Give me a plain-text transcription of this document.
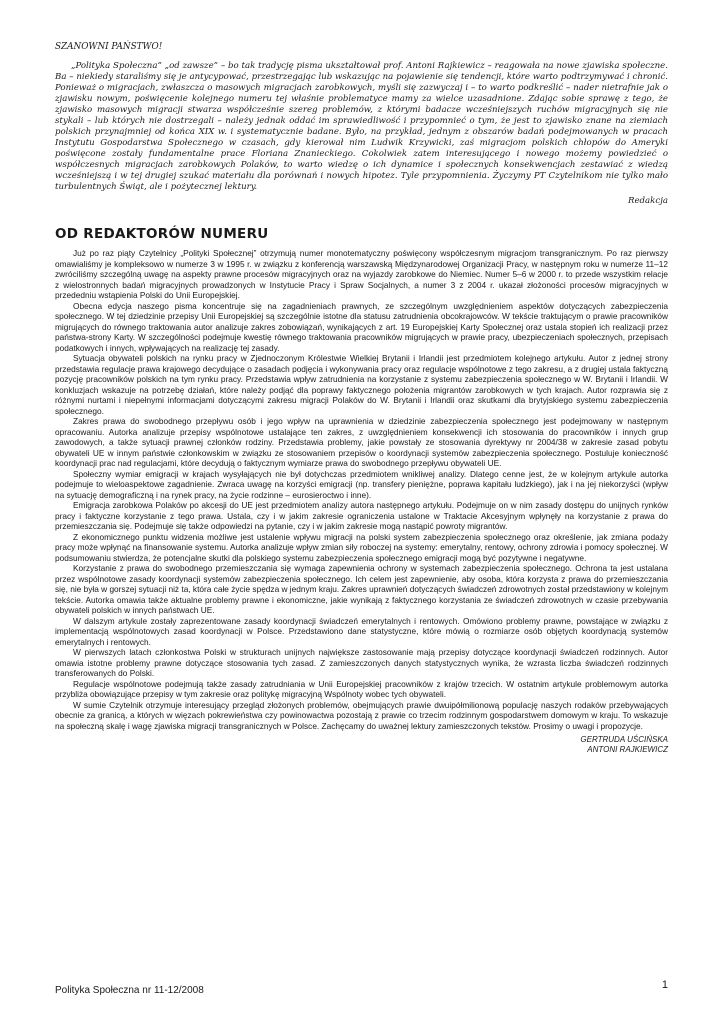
SZANOWNI PAŃSTWO!

„Polityka Społeczna” „od zawsze” – bo tak tradycję pisma ukształtował prof. Antoni Rajkiewicz – reagowała na nowe zjawiska społeczne. Ba – niekiedy staraliśmy się je antycypować, przestrzegając lub wskazując na pojawienie się tendencji, które warto podtrzymywać i chronić. Ponieważ o migracjach, zwłaszcza o masowych migracjach zarobkowych, myśli się zazwyczaj i – to warto podkreślić – nader nietrafnie jak o zjawisku nowym, poświęcenie kolejnego numeru tej właśnie problematyce mamy za wielce uzasadnione. Zdając sobie sprawę z tego, że zjawisko masowych migracji stwarza współcześnie szereg problemów, z którymi badacze wcześniejszych ruchów migracyjnych się nie stykali – lub których nie dostrzegali – należy jednak oddać im sprawiedliwość i przypomnieć o tym, że jest to zjawisko znane na ziemiach polskich przynajmniej od końca XIX w. i systematycznie badane. Było, na przykład, jednym z obszarów badań podejmowanych w pracach Instytutu Gospodarstwa Społecznego w czasach, gdy kierował nim Ludwik Krzywicki, zaś migracjom polskich chłopów do Ameryki poświęcone zostały fundamentalne prace Floriana Znanieckiego. Cokolwiek zatem interesującego i nowego możemy powiedzieć o współczesnych migracjach zarobkowych Polaków, to warto wiedzę o ich dynamice i społecznych konsekwencjach zestawiać z wiedzą wcześniejszą i w tej drugiej szukać materiału dla porównań i nowych hipotez. Tyle przypomnienia. Życzymy PT Czytelnikom nie tylko mało turbulentnych Świąt, ale i pożytecznej lektury.

Redakcja

OD REDAKTORÓW NUMERU

Już po raz piąty Czytelnicy „Polityki Społecznej” otrzymują numer monotematyczny poświęcony współczesnym migracjom transgranicznym. Po raz pierwszy omawialiśmy je kompleksowo w numerze 3 w 1995 r. w związku z konferencją warszawską Międzynarodowej Organizacji Pracy, w następnym roku w numerze 11–12 zwróciliśmy szczególną uwagę na aspekty prawne procesów migracyjnych oraz na wyjazdy zarobkowe do Niemiec. Numer 5–6 w 2000 r. to przede wszystkim relacje z wielostronnych badań migracyjnych prowadzonych w Instytucie Pracy i Spraw Socjalnych, a numer 3 z 2004 r. ukazał złożoności procesów migracyjnych w przededniu wstąpienia Polski do Unii Europejskiej.

Obecna edycja naszego pisma koncentruje się na zagadnieniach prawnych, ze szczególnym uwzględnieniem aspektów dotyczących zabezpieczenia społecznego. W tej dziedzinie przepisy Unii Europejskiej są szczególnie istotne dla statusu zatrudnienia obcokrajowców. W tekście traktującym o prawie pracowników migrujących do równego traktowania autor analizuje zakres zobowiązań, wynikających z art. 19 Europejskiej Karty Społecznej oraz ustala stopień ich realizacji przez państwa-strony Karty. W szczególności podejmuje kwestię równego traktowania pracowników migrujących w prawie pracy, ubezpieczeniach społecznych, przepisach podatkowych i innych, wpływających na realizację tej zasady.

Sytuacja obywateli polskich na rynku pracy w Zjednoczonym Królestwie Wielkiej Brytanii i Irlandii jest przedmiotem kolejnego artykułu. Autor z jednej strony przedstawia regulacje prawa krajowego decydujące o zasadach podjęcia i wykonywania pracy oraz regulacje wspólnotowe z tego zakresu, a z drugiej ustala faktyczną pozycję pracowników polskich na tym rynku pracy. Przedstawia wpływ zatrudnienia na korzystanie z systemu zabezpieczenia społecznego w W. Brytanii i Irlandii. W konkluzjach wskazuje na potrzebę działań, które należy podjąć dla poprawy faktycznego położenia migrantów zarobkowych w tych krajach. Autor rozprawia się z różnymi nurtami i niepełnymi informacjami dotyczącymi zakresu migracji Polaków do W. Brytanii i Irlandii oraz skutkami dla brytyjskiego systemu zabezpieczenia społecznego.

Zakres prawa do swobodnego przepływu osób i jego wpływ na uprawnienia w dziedzinie zabezpieczenia społecznego jest podejmowany w następnym opracowaniu. Autorka analizuje przepisy wspólnotowe ustalające ten zakres, z uwzględnieniem konsekwencji ich stosowania do pracowników i innych grup zawodowych, a także sytuacji prawnej członków rodziny. Przedstawia problemy, jakie powstały ze stosowania dyrektywy nr 2004/38 w zakresie zasad pobytu obywateli UE w innym państwie członkowskim w związku ze stosowaniem przepisów o koordynacji systemów zabezpieczenia społecznego. Postuluje konieczność koordynacji prac nad regulacjami, które decydują o faktycznym wymiarze prawa do swobodnego przepływu obywateli UE.

Społeczny wymiar emigracji w krajach wysyłających nie był dotychczas przedmiotem wnikliwej analizy. Dlatego cenne jest, że w kolejnym artykule autorka podejmuje to wieloaspektowe zagadnienie. Zwraca uwagę na korzyści emigracji (np. transfery pieniężne, poprawa kapitału ludzkiego), jak i na jej niekorzyści (wpływ na sytuację demograficzną i na rynek pracy, na życie rodzinne – eurosieroctwo i inne).

Emigracja zarobkowa Polaków po akcesji do UE jest przedmiotem analizy autora następnego artykułu. Podejmuje on w nim zasady dostępu do unijnych rynków pracy i faktyczne korzystanie z tego prawa. Ustala, czy i w jakim zakresie ograniczenia ustalone w Traktacie Akcesyjnym wpłynęły na korzystanie z prawa do przemieszczania się. Podejmuje się także odpowiedzi na pytanie, czy i w jakim zakresie mogą nastąpić powroty migrantów.

Z ekonomicznego punktu widzenia możliwe jest ustalenie wpływu migracji na polski system zabezpieczenia społecznego oraz określenie, jak zmiana podaży pracy może wpłynąć na finansowanie systemu. Autorka analizuje wpływ zmian siły roboczej na systemy: emerytalny, rentowy, ochrony zdrowia i pomocy społecznej. W podsumowaniu stwierdza, że potencjalne skutki dla polskiego systemu zabezpieczenia społecznego emigracji mogą być pozytywne i negatywne.

Korzystanie z prawa do swobodnego przemieszczania się wymaga zapewnienia ochrony w systemach zabezpieczenia społecznego. Ochrona ta jest ustalana przez wspólnotowe zasady koordynacji systemów zabezpieczenia społecznego. Ich celem jest zapewnienie, aby osoba, która korzysta z prawa do przemieszczania się, nie była w gorszej sytuacji niż ta, która całe życie spędza w jednym kraju. Zakres uprawnień dotyczących świadczeń zdrowotnych został przedstawiony w kolejnym tekście. Autorka omawia także aktualne problemy prawne i ekonomiczne, jakie wynikają z faktycznego korzystania ze świadczeń zdrowotnych w czasie przebywania obywateli polskich w innych państwach UE.

W dalszym artykule zostały zaprezentowane zasady koordynacji świadczeń emerytalnych i rentowych. Omówiono problemy prawne, powstające w związku z implementacją wspólnotowych zasad koordynacji w Polsce. Przedstawiono dane statystyczne, które mówią o rozmiarze osób objętych koordynacją systemów emerytalnych i rentowych.

W pierwszych latach członkostwa Polski w strukturach unijnych największe zastosowanie mają przepisy dotyczące koordynacji świadczeń rodzinnych. Autor omawia istotne problemy prawne dotyczące stosowania tych zasad. Z zamieszczonych danych statystycznych wynika, że wzrasta liczba świadczeń rodzinnych transferowanych do Polski.

Regulacje wspólnotowe podejmują także zasady zatrudniania w Unii Europejskiej pracowników z krajów trzecich. W ostatnim artykule problemowym autorka przybliża obowiązujące przepisy w tym zakresie oraz politykę migracyjną Wspólnoty wobec tych obywateli.

W sumie Czytelnik otrzymuje interesujący przegląd złożonych problemów, obejmujących prawie dwuipółmilionową populację naszych rodaków przebywających obecnie za granicą, a których w więzach pokrewieństwa czy powinowactwa pozostają z prawie co trzecim rodzinnym gospodarstwem domowym w kraju. To wskazuje na społeczną skalę i wagę zjawiska migracji transgranicznych w Polsce. Zachęcamy do uważnej lektury zamieszczonych tekstów. Prosimy o uwagi i propozycje.

GERTRUDA UŚCIŃSKA
ANTONI RAJKIEWICZ
Polityka Społeczna nr 11-12/2008	1
